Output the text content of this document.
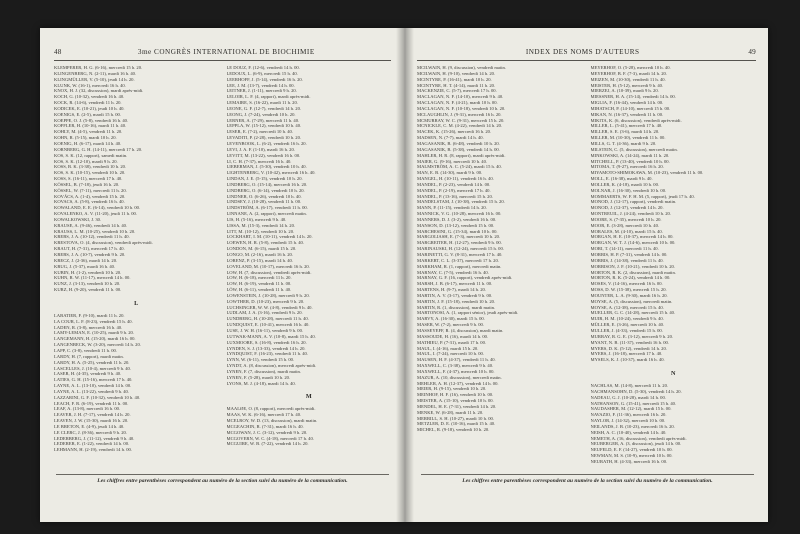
48	3me CONGRÈS INTERNATIONAL DE BIOCHIMIE
KLEMPERER, H. G. (6-16), mercredi 15 h. 20.
KLINGENBERG, N. (2-11), mardi 16 h. 40.
KLINGMÜLLER, V. (5-10), jeudi 14 h. 20.
KLUNK, W. (16-1), mercredi 16 h. 40.
KNOX, H. J. (32, discussion), mardi après-midi.
KOCH, G. (10-32), vendredi 16 h. 40.
KOCK, R. (14-6), vendredi 11 h. 20.
KODICEK, E. (10-21), jeudi 10 h. 40.
KOENIGS, E. (2-5), mardi 15 h. 00.
KOEPPE, O. J. (5-8), vendredi 16 h. 40.
KOFFLER, H. (10-16), mardi 11 h. 40.
KOHLY, M. (4-5), vendredi 11 h. 20.
KOHN, R. (5-15), mardi 10 h. 20.
KOENIG, H. (6-17), mardi 14 h. 40.
KORNBERG, G. H. (14-11), mercredi 17 h. 20.
KOS, S. K. (12, rapport), samedi matin.
KOS, S. K. (12-10), mardi 9 h. 20.
KOSS, B. K. (3-38), vendredi 10 h. 20.
KOS, S. K. (10-15), vendredi 10 h. 20.
KOSS, S. (16-11), mercredi 17 h. 40.
KÖSSEL, B. (7-18), jeudi 16 h. 20.
KÖSSEL, W. (7-11), mercredi 11 h. 20.
KOVÁCS, A. (1-4), vendredi 15 h. 20.
KOVACS, A. (5-8), vendredi 16 h. 40.
KOWALAND, E. E. (6-14), vendredi 10 h. 00.
KOVALENKO, A. V. (11-20), jeudi 11 h. 00.
KOWALKOWSKI, J. 30.
KRAUSE, A. (9-46), vendredi 14 h. 40.
KRAUSS, L. M. (10-25), vendredi 10 h. 20.
KREBS, J. A. (10-12), vendredi 11 h. 40.
KRESTOVA, O. (4, discussion), vendredi après-midi.
KRAUT, H. (7-31), mercredi 17 h. 40.
KREBS, J. A. (10-7), vendredi 9 h. 20.
KRECZ, J. (2-36), mardi 14 h. 20.
KRUG, J. (5-37), mardi 16 h. 40.
KUBIN, H. (1-2), vendredi 10 h. 20.
KUHN, R. W. (11-17), mercredi 14 h. 00.
KUNZ, J. (3-13), vendredi 10 h. 20.
KURZ, H. (9-20), vendredi 11 h. 00.
L
LABATIER, F. (9-10), mardi 11 h. 20.
LA COUR, L. F. (8-23), vendredi 15 h. 40.
LADEN, R. (3-8), mercredi 16 h. 40.
LAMY-LEMAN, E. (10-25), mardi 9 h. 20.
LANGEMANN, H. (15-20), mardi 16 h. 00.
LANGENBECK, W. (3-20), mercredi 14 h. 20.
LAPP, C. (3-8), vendredi 11 h. 00.
LARDY, H. (7, rapport), mardi matin.
LARDY, H. A. (5-25), vendredi 11 h. 20.
LASCELLES, J. (10-4), mercredi 9 h. 40.
LASER, H. (4-35), vendredi 9 h. 40.
LATIES, G. H. (15-16), mercredi 17 h. 40.
LAYNE, A. L. (13-10), vendredi 14 h. 00.
LAYNE, A. L. (13-22), vendredi 9 h. 40.
LAZZARINI, G. F. (10-32), vendredi 10 h. 40.
LEACH, F. R. (6-19), vendredi 11 h. 00.
LEAF, A. (13-8), mercredi 16 h. 00.
LEAVER, J. H. (7-17), vendredi 14 h. 20.
LEAVEN, J. W. (15-30), mardi 16 h. 20.
LE BRETON, E. (4-9), jeudi 14 h. 40.
LE CLERC, J. (8-36), mercredi 9 h. 20.
LEDERBERG, J. (11-12), vendredi 9 h. 40.
LEDERER, E. (1-22), vendredi 14 h. 00.
LEHMANN, H. (2-19), vendredi 14 h. 00.
LE DOUZ, F. (12-6), vendredi 14 h. 00.
LEDOUX, L. (6-9), mercredi 15 h. 40.
LEERHOFF, J. (5-14), vendredi 16 h. 20.
LEE, J. M. (13-7), vendredi 14 h. 00.
LEITNER, J. (1-11), mercredi 9 h. 20.
LELOIR, L. F. (4, rapport), mardi après-midi.
LEMAIRE, S. (16-22), mardi 11 h. 20.
LEONE, G. F. (12-7), vendredi 14 h. 20.
LEONG, J. (7-24), vendredi 10 h. 20.
LERNER, A. (7-29), mercredi 11 h. 40.
LEPPLA, W. (15-12), vendredi 10 h. 40.
LESER, E. (7-2), mercredi 10 h. 40.
LEVADITI, P. (2-28), vendredi 10 h. 20.
LEVENBOOK, L. (6-2), vendredi 16 h. 20.
LEVI, J. A. F. (1-10), mardi 16 h. 20.
LEVITT, M. (13-22), vendredi 16 h. 00.
LI, C. H. (7-37), mercredi 16 h. 40.
LIEBERMAN, J. (5-30), vendredi 10 h. 40.
LIGHTENBERG, V. (10-42), mercredi 16 h. 40.
LINDAN, J. E. (5-15), vendredi 10 h. 20.
LINDBERG, O. (15-14), mercredi 16 h. 20.
LINDBERG, O. (6-14), vendredi 10 h. 20.
LINDNER, O. (6-26), vendredi 10 h. 40.
LINDSEY, J. (10-28), vendredi 11 h. 00.
LINDSTRÖM, A. (6-17), vendredi 11 h. 00.
LINNANE, A. (2, rapport), mercredi matin.
LIS, H. (5-16), mercredi 9 h. 40.
LISSA, M. (15-3), vendredi 14 h. 20.
LITT, M. (10-12), vendredi 10 h. 20.
LOCKHART, I. M. (10-11), vendredi 14 h. 20.
LOEWEN, H. R. (5-8), vendredi 15 h. 40.
LONDON, M. (6-15), mardi 15 h. 20.
LONGO, M. (2-16), mardi 16 h. 20.
LORENZ, P. (3-15), mardi 14 h. 40.
LOVELAND, M. (10-17), mercredi 16 h. 20.
LOW, H. (7, discussion), vendredi après-midi.
LOW, H. (6-18), mercredi 11 h. 20.
LOW, H. (6-19), vendredi 11 h. 00.
LÖW, H. (6-11), vendredi 11 h. 40.
LOWENSTEIN, J. (10-28), mercredi 9 h. 20.
LOWTHER, D. (10-23), mercredi 9 h. 20.
LUCHSINGER, W. W. (4-8), vendredi 9 h. 40.
LUDLAM, J. A. (3-16), vendredi 9 h. 20.
LUNDBERG, H. (10-28), mercredi 11 h. 40.
LUNDQUIST, E. (10-41), mercredi 16 h. 40.
LUSE, J. W. H. (16-11), vendredi 9 h. 00.
LUTWAK-MANN, A. V. (10-8), mardi 15 h. 40.
LUXMOORE, S. (16-8), vendredi 16 h. 20.
LYNDEN, S. J. (13-33), vendredi 14 h. 20.
LYNDQUIST, F. (16-23), vendredi 11 h. 40.
LYNN, W. (6-11), vendredi 15 h. 00.
LYNDT, A. (8, discussion), mercredi après-midi.
LYNEN, F. (7, discussion), mardi matin.
LYNEN, F. (5-28), mardi 10 h. 20.
LYONS, M. J. (4-18), mardi 14 h. 40.
M
MAALØE, O. (8, rapport), mercredi après-midi.
MAAS, W. K. (6-16), mercredi 17 h. 40.
MCELROY, W. D. (13, discussion), mardi matin.
MCGEACHIN, R. (7-31), mardi 16 h. 40.
MCGOWAN, J. C. (3-12), vendredi 9 h. 20.
MCGOVERN, W. C. (4-18), mercredi 17 h. 40.
MCGUIRE, W. B. (7-22), vendredi 14 h. 20.
Les chiffres entre parenthèses correspondent au numéro de la section suivi du numéro de la communication.
INDEX DES NOMS D'AUTEURS	49
MCILWAIN, H. (9, discussion), vendredi matin.
MCILWAIN, H. (9-10), vendredi 14 h. 20.
MCINTYRE, P. (16-41), mardi 10 h. 20.
MCINTYRE, H. T. (4-14), mardi 11 h. 20.
MACKENZIE, C. (5-7), mercredi 17 h. 00.
MACLAGAN, N. F. (14-10), mercredi 9 h. 40.
MACLAGAN, N. F. (4-21), mardi 10 h. 00.
MACLAGAN, N. F. (10-18), vendredi 10 h. 20.
MCLAUGHLIN, J. (9-31), mercredi 16 h. 20.
MCMURRAY, W. C. (9-31), mercredi 15 h. 20.
MCNICKLE, C. M. (4-22), vendredi 14 h. 20.
MACEK, K. (15-26), mercredi 16 h. 20.
MADSEN, N. (7-7), mardi 14 h. 40.
MAGASANIK, B. (6-48), vendredi 10 h. 20.
MAGASANIK, B. (5-38), vendredi 14 h. 00.
MAHLER, H. R. (8, rapport), mardi après-midi.
MAIER, G. (9-16), mercredi 10 h. 40.
MALMSTRÖM, A. C. (5-24), mardi 15 h. 40.
MAN, E. B. (14-30), mardi 9 h. 00.
MANGEL, H. (10-11), vendredi 16 h. 40.
MANDEL, P. (2-23), vendredi 14 h. 00.
MANDEL, P. (2-19), mercredi 17 h. 40.
MANDEL, P. (13-16), mercredi 15 h. 20.
MANDELSTAM, J. (10-38), vendredi 15 h. 20.
MANN, P. (11-15), vendredi 14 h. 20.
MANNICK, V. G. (10-28), mercredi 16 h. 00.
MANNERS, D. J. (3-2), vendredi 16 h. 00.
MANSON, D. (13-12), vendredi 15 h. 00.
MARCHESINI, G. (15-34), mardi 10 h. 00.
MARGOLIASH, E. (7-3), mercredi 10 h. 20.
MARGREITER, H. (12-27), vendredi 9 h. 00.
MARINAUSKI, H. (12-24), mercredi 15 h. 00.
MARINETTI, G. V. (8-31), mercredi 17 h. 40.
MARKERT, C. L. (3-37), mercredi 17 h. 20.
MARKHAM, R. (1, rapport), mercredi matin.
MARNAY, C. (7-5), vendredi 16 h. 40.
MARNAY, G. F. (16, rapport), vendredi après-midi.
MARSH, J. B. (6-17), mercredi 11 h. 00.
MARTENS, H. (9-7), mardi 14 h. 20.
MARTIN, A. V. (3-17), vendredi 9 h. 00.
MARTIN, J. F. (15-18), vendredi 10 h. 20.
MARTIN, R. (1, discussion), mardi matin.
MARTONOSI, A. (1, rapport sénior), jeudi après-midi.
MARVY, A. (16-30), mardi 15 h. 00.
MASER, W. (7-2), mercredi 9 h. 00.
MASSEYEFF, R. (4, discussion), mardi matin.
MASSOUDE, H. (16), mardi 14 h. 00.
MATHIEU, P. (7-31), mardi 17 h. 00.
MAUL, I. (4-16), mardi 15 h. 20.
MAUL, I. (7-24), mercredi 10 h. 00.
MAUSEN, H. F. (4-37), vendredi 11 h. 40.
MAXWELL, C. (3-38), mercredi 9 h. 40.
MAXWELL, F. (4-37), mercredi 10 h. 00.
MAZUR, A. (10, discussion), mercredi matin.
MEHLER, A. H. (12-37), vendredi 14 h. 00.
MEIER, H. (9-15), vendredi 10 h. 20.
MEINHOF, H. F. (16), vendredi 10 h. 00.
MEISTER, A. (15-10), vendredi 10 h. 00.
MENDEL, H. E. (7-31), vendredi 14 h. 20.
MENKE, W. (6-28), mardi 11 h. 20.
MERRILL, S. H. (10-27), mardi 10 h. 00.
METZLER, D. E. (10-16), mardi 15 h. 40.
MICHEL, R. (9-18), vendredi 10 h. 20.
MEYERHOF, O. (5-28), mercredi 10 h. 40.
MEYERHOF, B. F. (7-3), mardi 14 h. 20.
MEIZEN, M. (10-30), vendredi 11 h. 40.
MEISTER, H. (5-12), mercredi 9 h. 40.
MIERZEJ, A. (10-39), mardi 9 h. 20.
MIESSNER, H. A. (15-14), vendredi 14 h. 00.
MIGLIA, F. (16-44), vendredi 14 h. 00.
MIHATSCH, P. (14-10), mercredi 15 h. 00.
MIKAN, N. (16-37), vendredi 11 h. 00.
MIKITA, K. (6, discussion), vendredi après-midi.
MILLER, L. (5-41), mercredi 17 h. 40.
MILLER, S. E. (3-6), mardi 14 h. 20.
MILLER, M. (10-30), vendredi 11 h. 00.
MILLS, G. T. (4-36), mardi 9 h. 20.
MILSTEIN, C. (5, discussion), mercredi matin.
MINKOWSKI, A. (14-24), mardi 11 h. 20.
MITCHELL, P. (13-40), vendredi 10 h. 00.
MITOMA, T. (9-27), mercredi 16 h. 20.
MIYAMOTO-SHIMOKAWA, M. (10-23), vendredi 11 h. 00.
MOLL, E. (16-38), mardi 9 h. 40.
MOLLER, K. (4-18), mardi 10 h. 00.
MOLNAR, J. (16-30), vendredi 10 h. 00.
MOMMAERTS, W. F. H. M. (5, rapport), jeudi 17 h. 40.
MONOD, J. (12-17), rapport), vendredi matin.
MONOD, J. (12-37), vendredi 14 h. 20.
MONTREUIL, J. (4-24), vendredi 10 h. 20.
MOORE, S. (7-35), mercredi 10 h. 20.
MOOR, E. (3-28), mercredi 10 h. 40.
MORALES, M. (4-10), mardi 15 h. 40.
MORGAN, H. E. (10-37), mercredi 14 h. 00.
MORGAN, W. T. J. (14-6), mercredi 10 h. 00.
MORI, T. (14-11), mercredi 11 h. 40.
MORRIS, H. P. (7-31), vendredi 14 h. 00.
MORRIS, J. (14-38), vendredi 11 h. 40.
MORRISON, J. F. (10-21), vendredi 10 h. 20.
MORTON, R. K. (2, discussion), mardi matin.
MORTON, R. K. (5-24), vendredi 14 h. 00.
MOSES, V. (14-16), mercredi 16 h. 00.
MOSS, D. W. (15-38), mercredi 15 h. 20.
MOUNTER, L. A. (9-30), mardi 16 h. 20.
MOYSE, A. (5, discussion), mercredi matin.
MOYSE, A. (12-38), mercredi 15 h. 40.
MUELLER, G. C. (14-28), mercredi 15 h. 40.
MUIR, H. M. (10-24), vendredi 9 h. 40.
MÜLLER, E. (3-26), mercredi 10 h. 40.
MULLER, J. (4-33), vendredi 15 h. 00.
MURRAY, R. G. E. (3-12), mercredi 9 h. 20.
MYANT, N. B. (11-37), vendredi 16 h. 00.
MYERS, D. K. (5-12), vendredi 14 h. 20.
MYERS, J. (16-18), mercredi 17 h. 40.
MYSELS, K. J. (10-37), mardi 16 h. 40.
N
NACHLAS, M. (14-8), mercredi 11 h. 20.
NACHMANSOHN, D. (5-30), vendredi 14 h. 20.
NADEAU, G. J. (10-28), mardi 14 h. 00.
NATHANSON, G. (15-41), mercredi 15 h. 40.
NAUDASHER, M. (12-12), mardi 15 h. 00.
NAVAZIO, F. (11-36), mercredi 16 h. 20.
NAYLOR, J. (14-32), mercredi 10 h. 00.
NEILANDS, J. B. (10-23), mercredi 16 h. 20.
NEISH, A. C. (10-40), vendredi 14 h. 40.
NEMETH, A. (16, discussion), vendredi après-midi.
NEUBERGER, A. (3, discussion), jeudi 14 h. 00.
NEUFELD, E. F. (14-27), vendredi 10 h. 00.
NEWMAN, M. S. (10-9), mercredi 10 h. 00.
NEURATH, H. (4-33), mercredi 16 h. 00.
Les chiffres entre parenthèses correspondent au numéro de la section suivi du numéro de la communication.
